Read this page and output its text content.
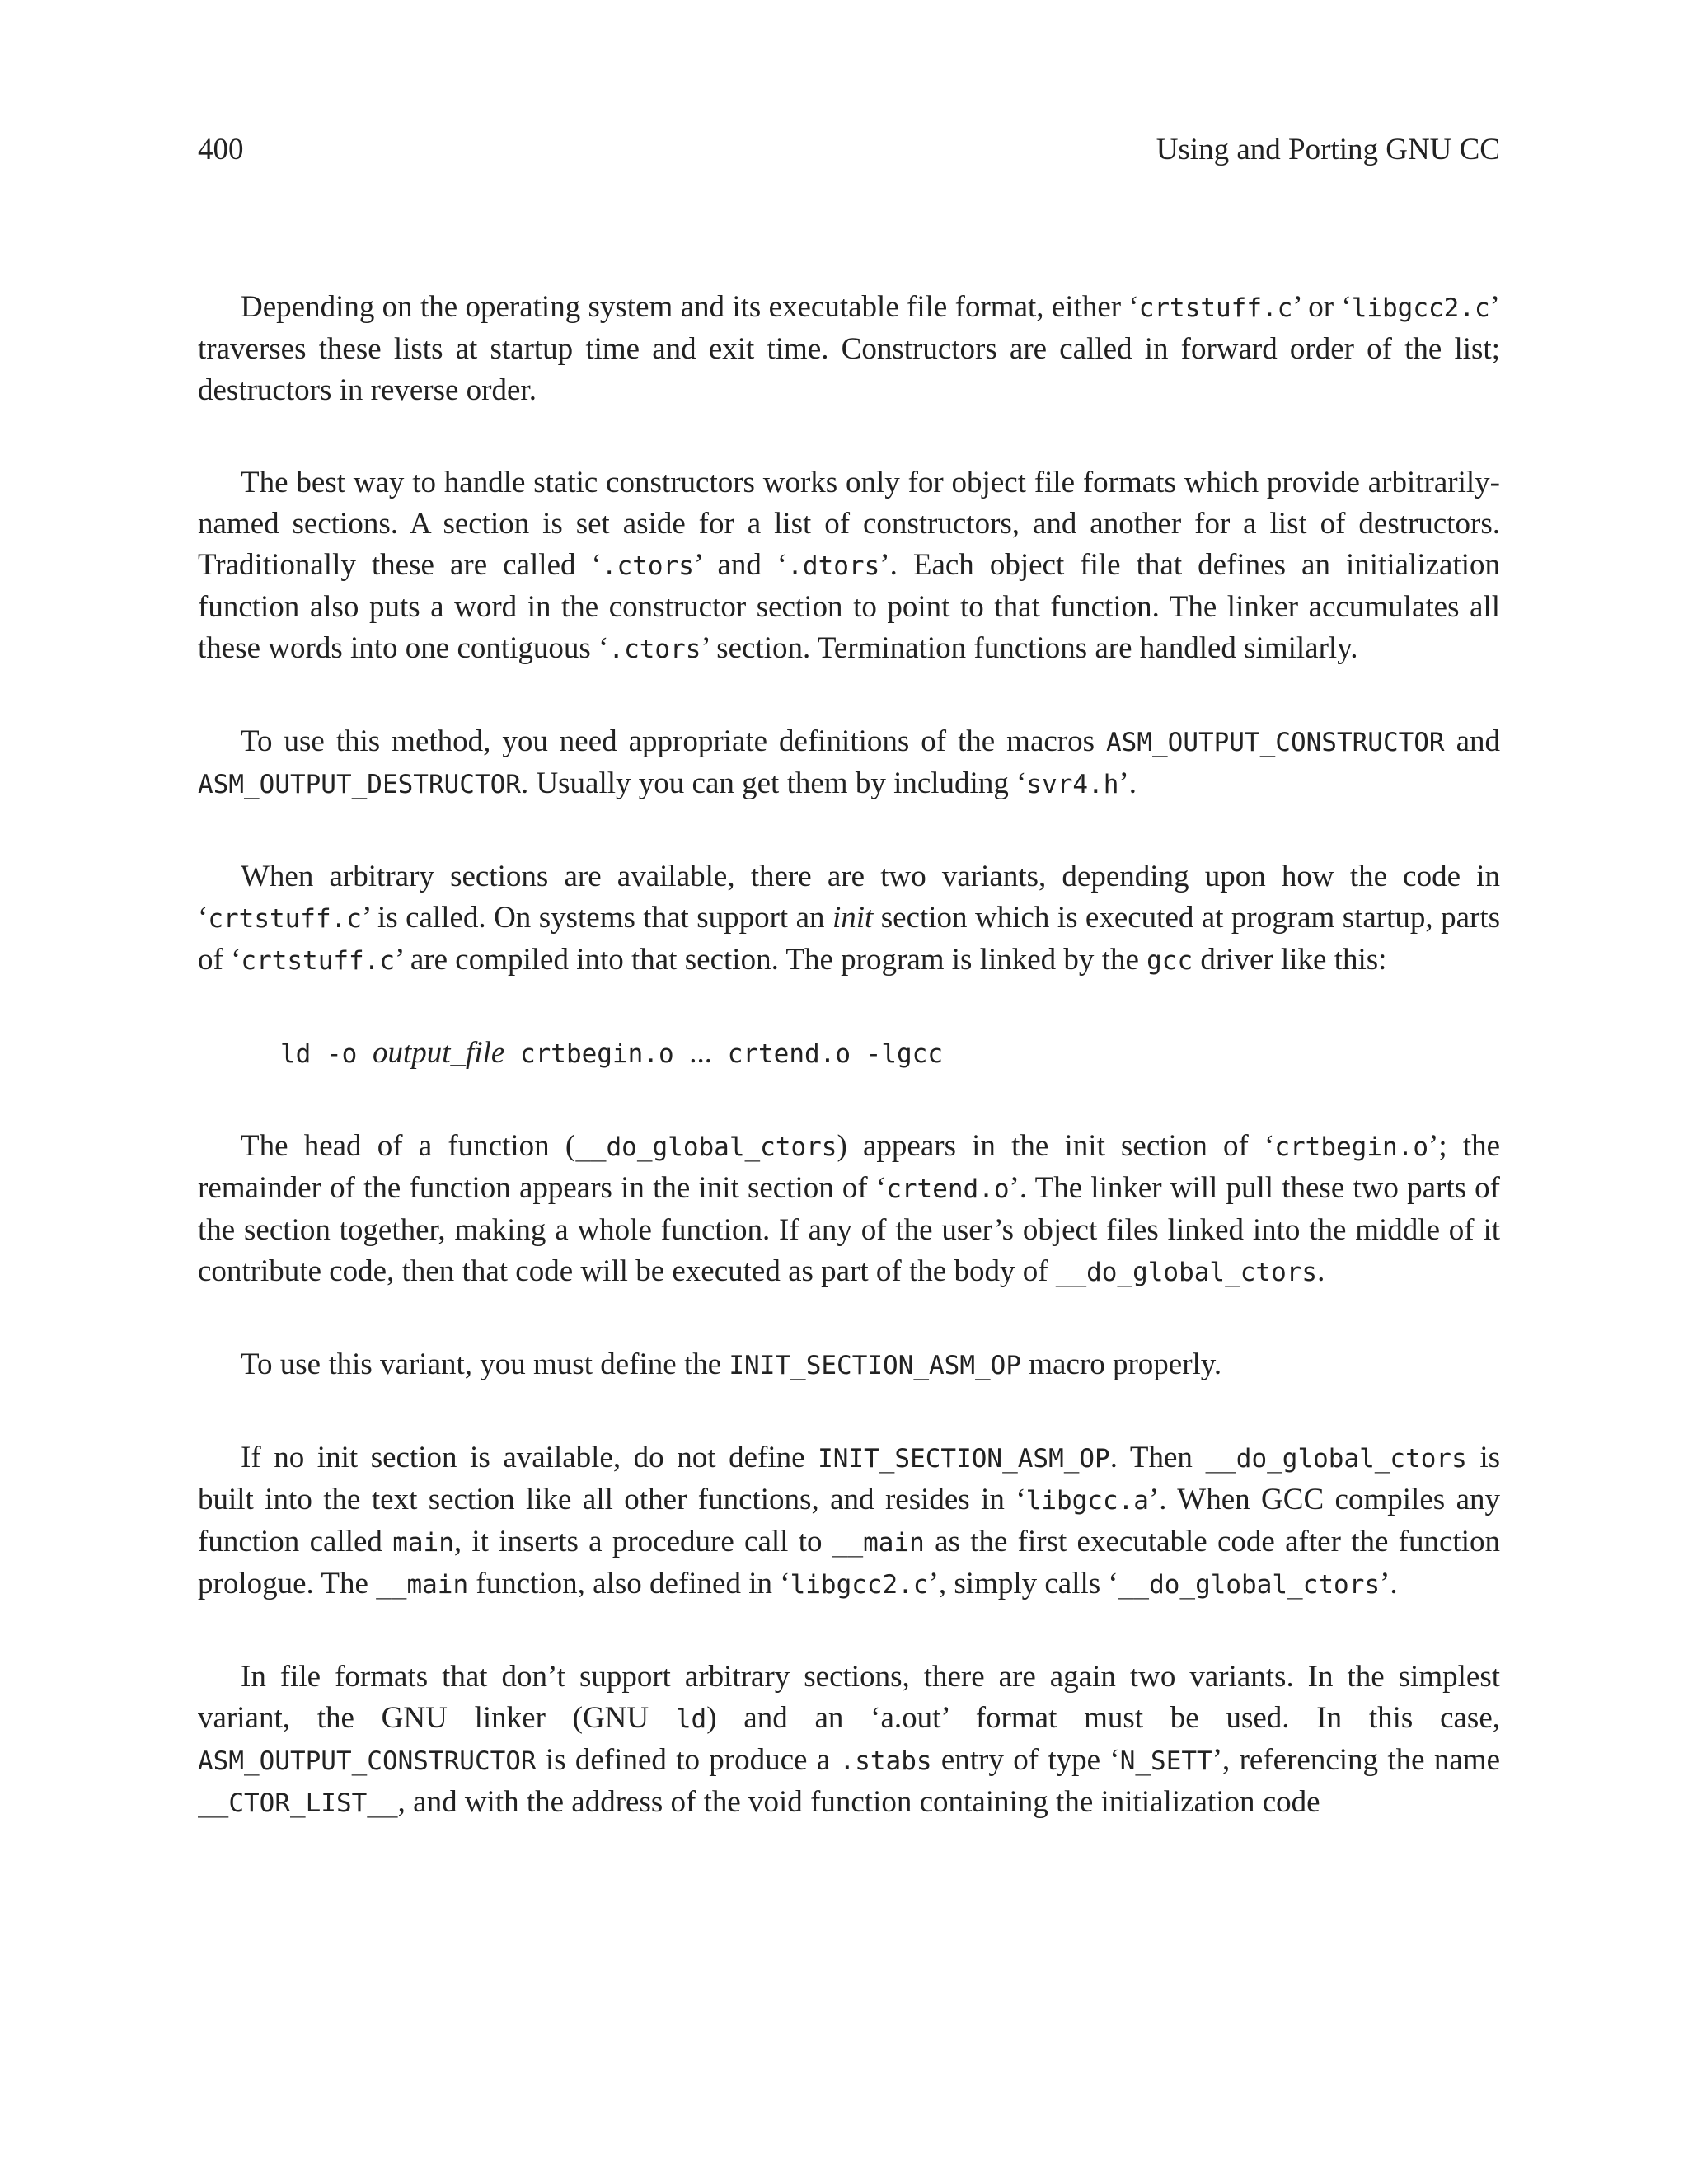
400	Using and Porting GNU CC

Depending on the operating system and its executable file format, either ‘crtstuff.c’ or ‘libgcc2.c’ traverses these lists at startup time and exit time. Constructors are called in forward order of the list; destructors in reverse order.

The best way to handle static constructors works only for object file formats which provide arbitrarily-named sections. A section is set aside for a list of constructors, and another for a list of destructors. Traditionally these are called ‘.ctors’ and ‘.dtors’. Each object file that defines an initialization function also puts a word in the constructor section to point to that function. The linker accumulates all these words into one contiguous ‘.ctors’ section. Termination functions are handled similarly.

To use this method, you need appropriate definitions of the macros ASM_OUTPUT_CONSTRUCTOR and ASM_OUTPUT_DESTRUCTOR. Usually you can get them by including ‘svr4.h’.

When arbitrary sections are available, there are two variants, depending upon how the code in ‘crtstuff.c’ is called. On systems that support an init section which is executed at program startup, parts of ‘crtstuff.c’ are compiled into that section. The program is linked by the gcc driver like this:

ld -o output_file crtbegin.o ... crtend.o -lgcc

The head of a function (__do_global_ctors) appears in the init section of ‘crtbegin.o’; the remainder of the function appears in the init section of ‘crtend.o’. The linker will pull these two parts of the section together, making a whole function. If any of the user’s object files linked into the middle of it contribute code, then that code will be executed as part of the body of __do_global_ctors.

To use this variant, you must define the INIT_SECTION_ASM_OP macro properly.

If no init section is available, do not define INIT_SECTION_ASM_OP. Then __do_global_ctors is built into the text section like all other functions, and resides in ‘libgcc.a’. When GCC compiles any function called main, it inserts a procedure call to __main as the first executable code after the function prologue. The __main function, also defined in ‘libgcc2.c’, simply calls ‘__do_global_ctors’.

In file formats that don’t support arbitrary sections, there are again two variants. In the simplest variant, the GNU linker (GNU ld) and an ‘a.out’ format must be used. In this case, ASM_OUTPUT_CONSTRUCTOR is defined to produce a .stabs entry of type ‘N_SETT’, referencing the name __CTOR_LIST__, and with the address of the void function containing the initialization code
